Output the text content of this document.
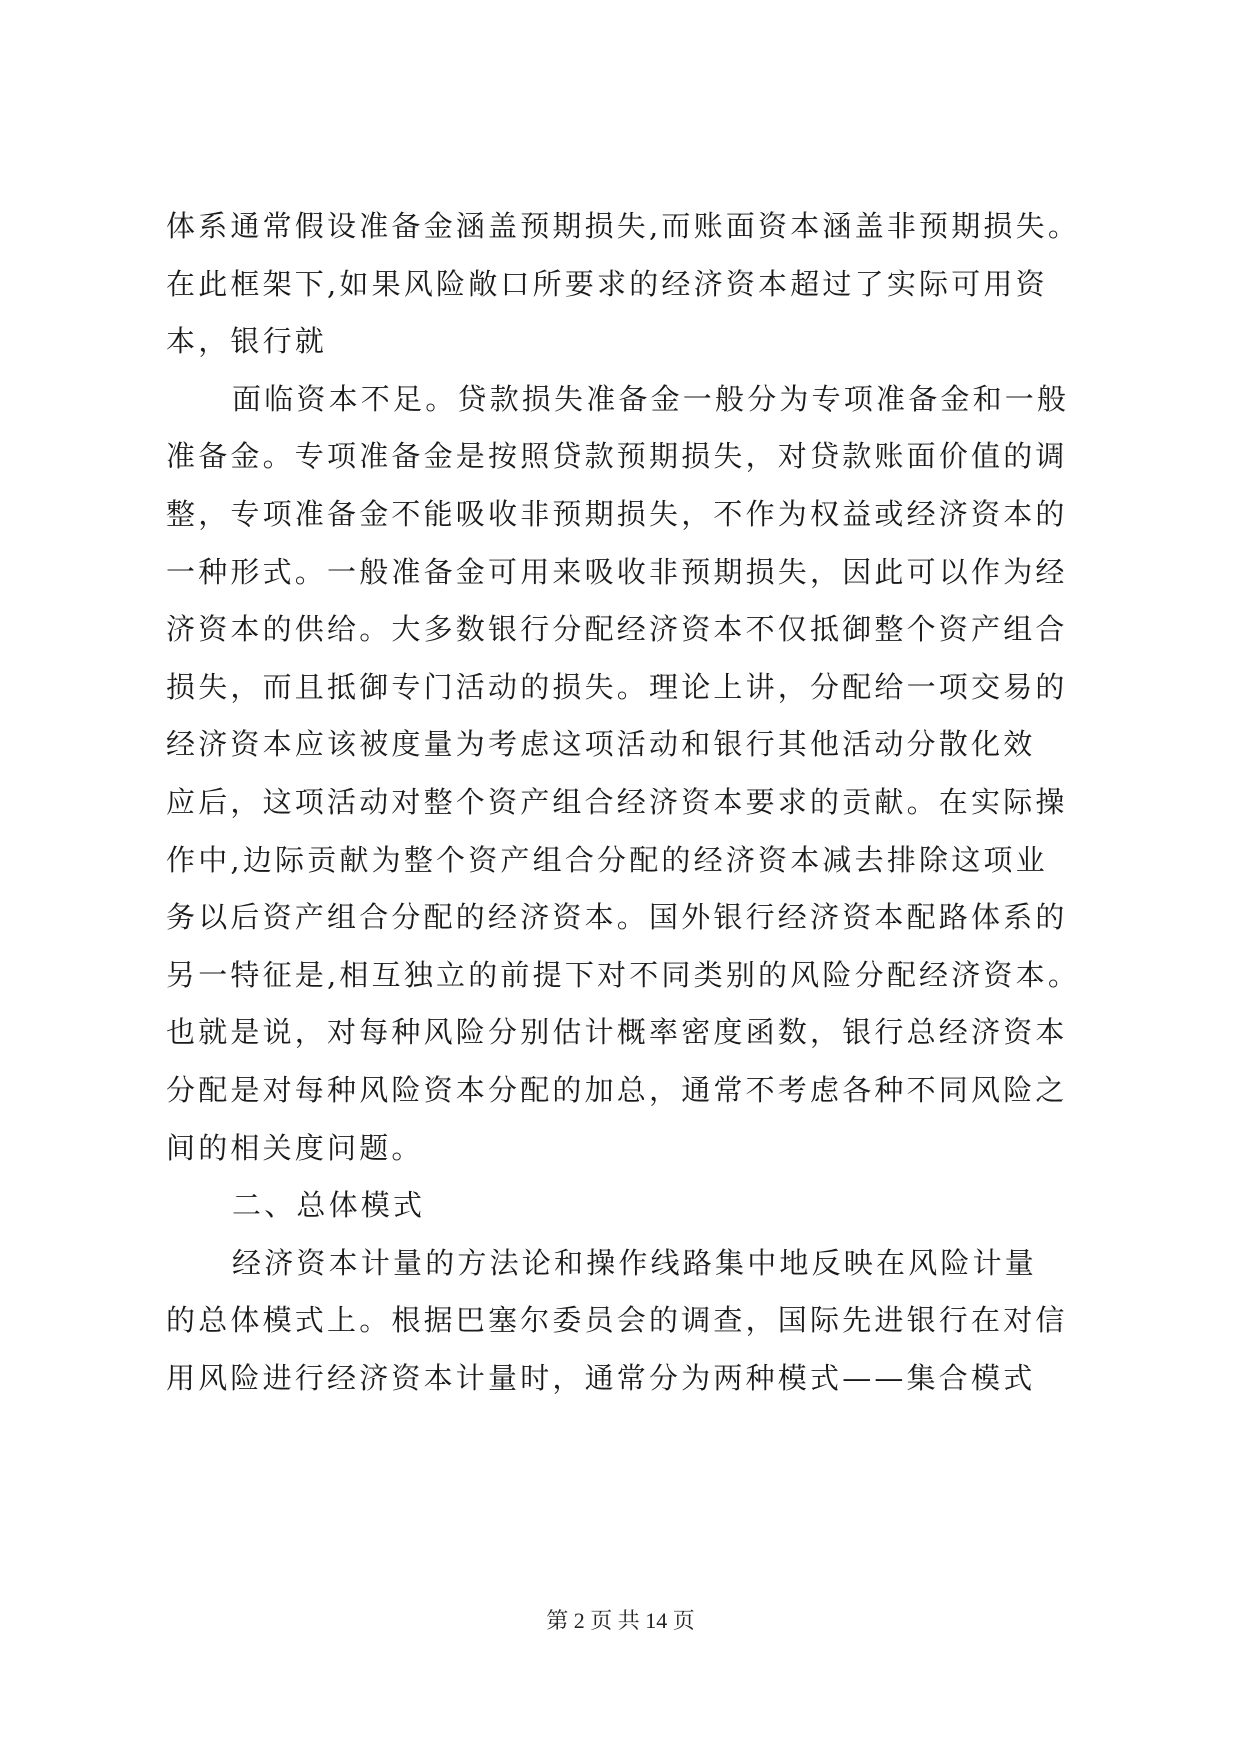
体系通常假设准备金涵盖预期损失,而账面资本涵盖非预期损失。
在此框架下,如果风险敞口所要求的经济资本超过了实际可用资
本，银行就
面临资本不足。贷款损失准备金一般分为专项准备金和一般
准备金。专项准备金是按照贷款预期损失，对贷款账面价值的调
整，专项准备金不能吸收非预期损失，不作为权益或经济资本的
一种形式。一般准备金可用来吸收非预期损失，因此可以作为经
济资本的供给。大多数银行分配经济资本不仅抵御整个资产组合
损失，而且抵御专门活动的损失。理论上讲，分配给一项交易的
经济资本应该被度量为考虑这项活动和银行其他活动分散化效
应后，这项活动对整个资产组合经济资本要求的贡献。在实际操
作中,边际贡献为整个资产组合分配的经济资本减去排除这项业
务以后资产组合分配的经济资本。国外银行经济资本配路体系的
另一特征是,相互独立的前提下对不同类别的风险分配经济资本。
也就是说，对每种风险分别估计概率密度函数，银行总经济资本
分配是对每种风险资本分配的加总，通常不考虑各种不同风险之
间的相关度问题。
二、总体模式
经济资本计量的方法论和操作线路集中地反映在风险计量
的总体模式上。根据巴塞尔委员会的调查，国际先进银行在对信
用风险进行经济资本计量时，通常分为两种模式——集合模式
第 2 页 共 14 页
